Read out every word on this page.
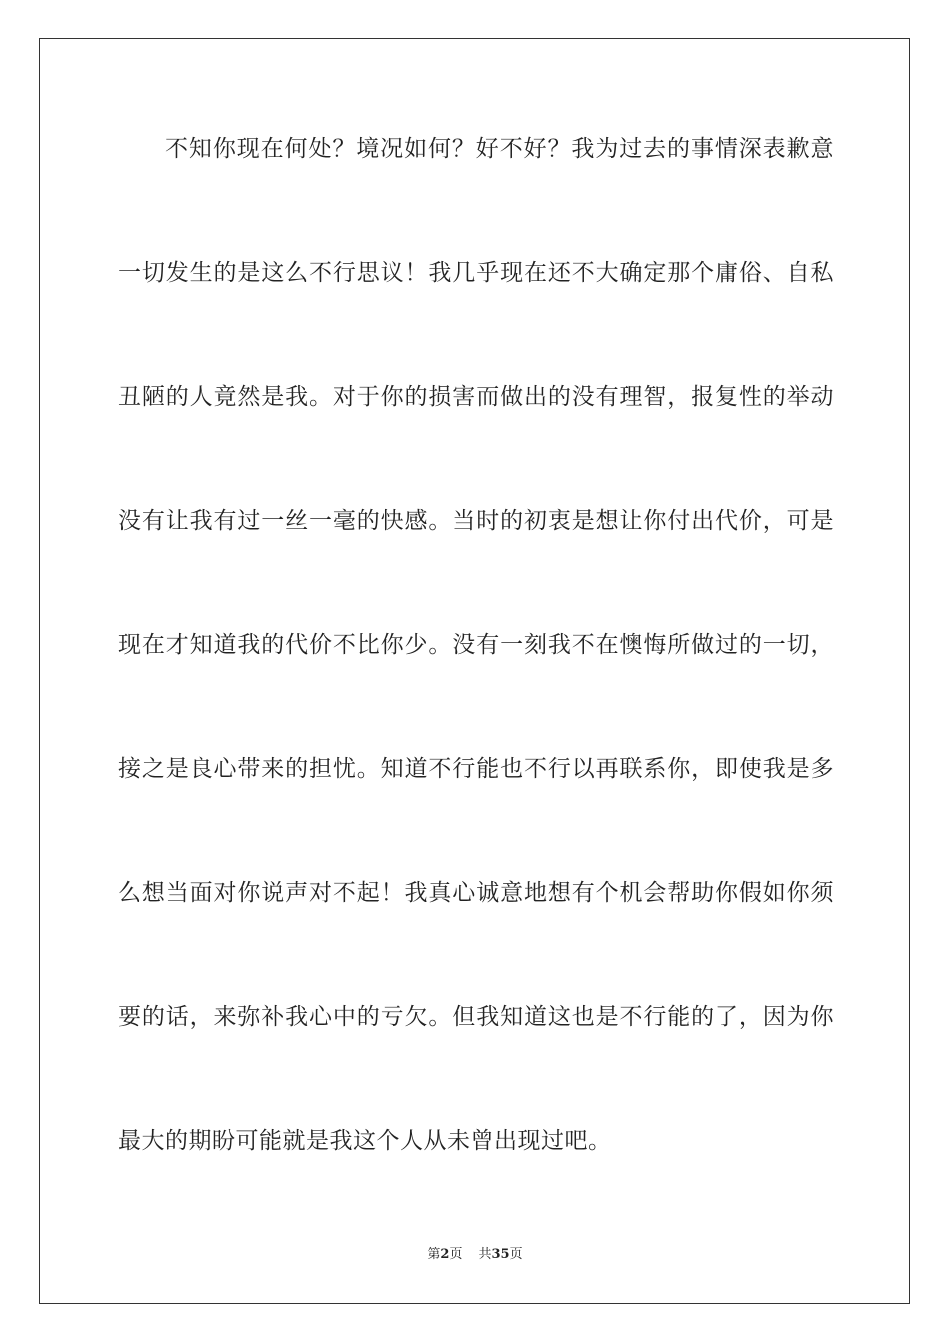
不知你现在何处？境况如何？好不好？我为过去的事情深表歉意
一切发生的是这么不行思议！我几乎现在还不大确定那个庸俗、自私
丑陋的人竟然是我。对于你的损害而做出的没有理智，报复性的举动
没有让我有过一丝一毫的快感。当时的初衷是想让你付出代价，可是
现在才知道我的代价不比你少。没有一刻我不在懊悔所做过的一切，
接之是良心带来的担忧。知道不行能也不行以再联系你，即使我是多
么想当面对你说声对不起！我真心诚意地想有个机会帮助你假如你须
要的话，来弥补我心中的亏欠。但我知道这也是不行能的了，因为你
最大的期盼可能就是我这个人从未曾出现过吧。
第2页 共35页
